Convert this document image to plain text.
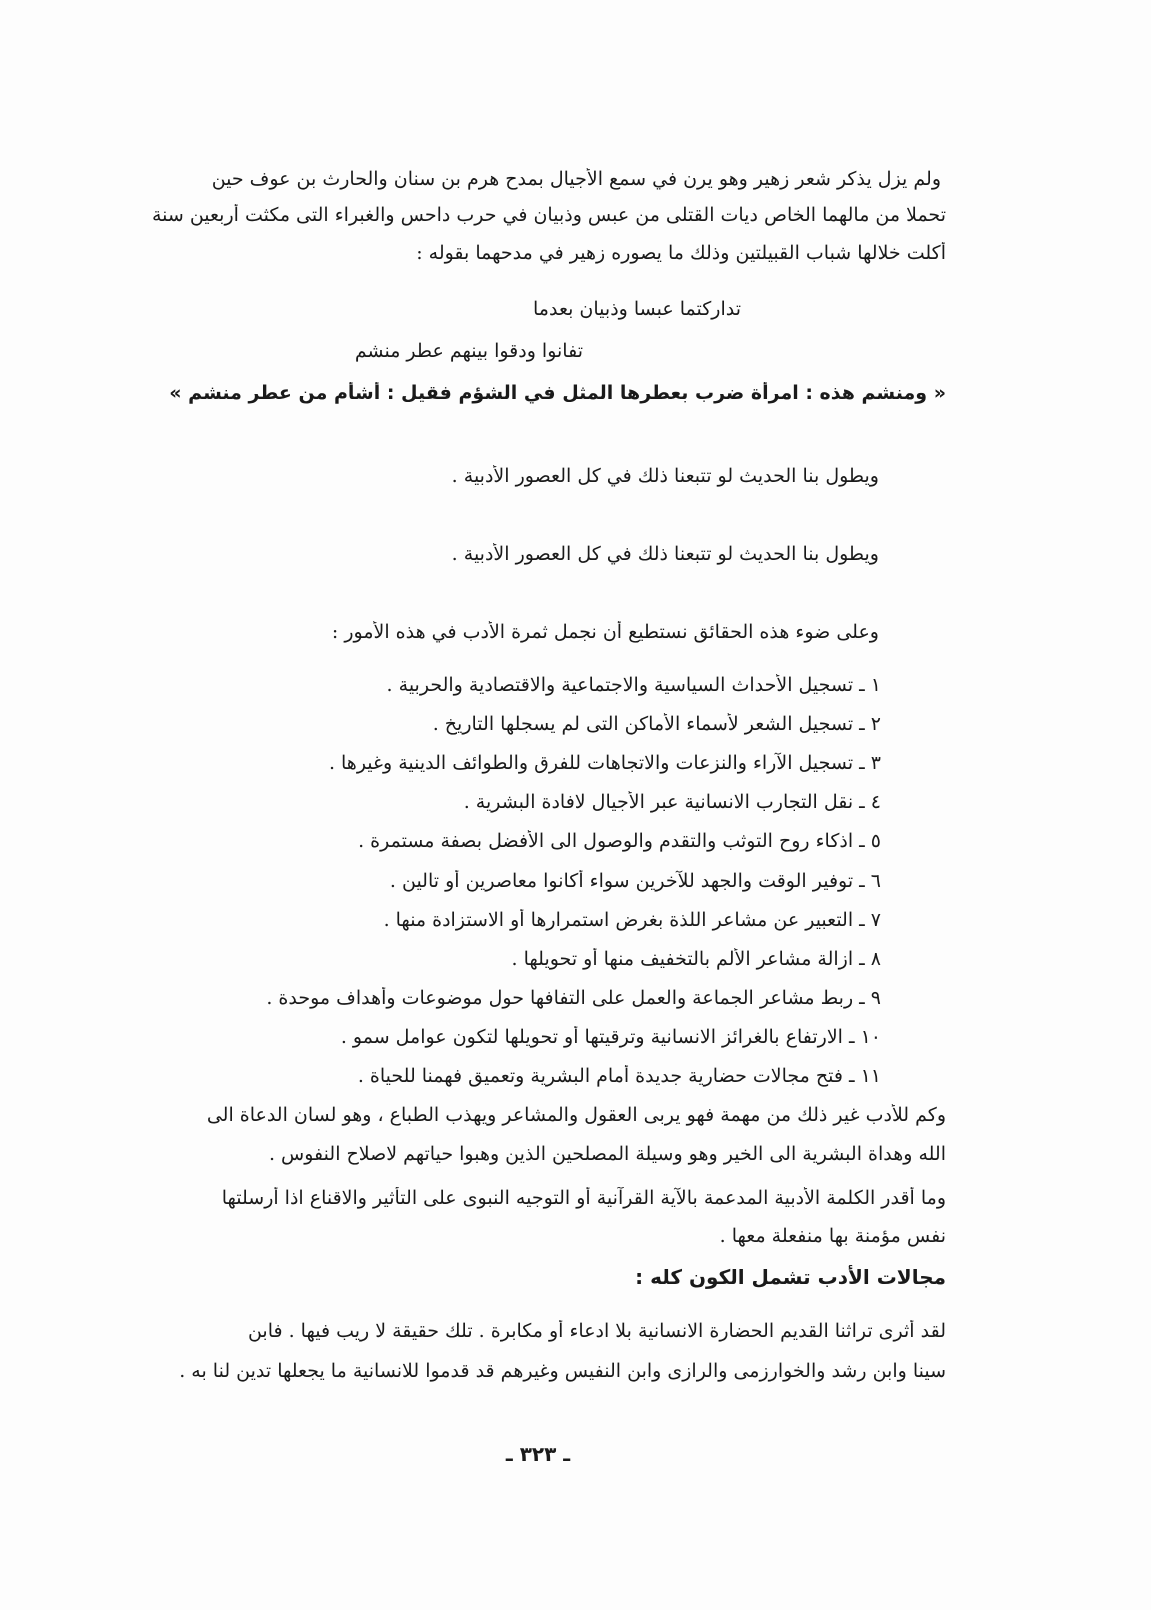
ولم يزل يذكر شعر زهير وهو يرن في سمع الأجيال بمدح هرم بن سنان والحارث بن عوف حين
تحملا من مالهما الخاص ديات القتلى من عبس وذبيان في حرب داحس والغبراء التى مكثت أربعين سنة
أكلت خلالها شباب القبيلتين وذلك ما يصوره زهير في مدحهما بقوله :
تداركتما عبسا وذبيان بعدما
تفانوا ودقوا بينهم عطر منشم
« ومنشم هذه : امرأة ضرب بعطرها المثل في الشؤم فقيل : أشأم من عطر منشم »
ويطول بنا الحديث لو تتبعنا ذلك في كل العصور الأدبية .
ويطول بنا الحديث لو تتبعنا ذلك في كل العصور الأدبية .
وعلى ضوء هذه الحقائق نستطيع أن نجمل ثمرة الأدب في هذه الأمور :
١ ـ تسجيل الأحداث السياسية والاجتماعية والاقتصادية والحربية .
٢ ـ تسجيل الشعر لأسماء الأماكن التى لم يسجلها التاريخ .
٣ ـ تسجيل الآراء والنزعات والاتجاهات للفرق والطوائف الدينية وغيرها .
٤ ـ نقل التجارب الانسانية عبر الأجيال لافادة البشرية .
٥ ـ اذكاء روح التوثب والتقدم والوصول الى الأفضل بصفة مستمرة .
٦ ـ توفير الوقت والجهد للآخرين سواء أكانوا معاصرين أو تالين .
٧ ـ التعبير عن مشاعر اللذة بغرض استمرارها أو الاستزادة منها .
٨ ـ ازالة مشاعر الألم بالتخفيف منها أو تحويلها .
٩ ـ ربط مشاعر الجماعة والعمل على التفافها حول موضوعات وأهداف موحدة .
١٠ ـ الارتفاع بالغرائز الانسانية وترقيتها أو تحويلها لتكون عوامل سمو .
١١ ـ فتح مجالات حضارية جديدة أمام البشرية وتعميق فهمنا للحياة .
وكم للأدب غير ذلك من مهمة فهو يربى العقول والمشاعر ويهذب الطباع ، وهو لسان الدعاة الى
الله وهداة البشرية الى الخير وهو وسيلة المصلحين الذين وهبوا حياتهم لاصلاح النفوس .
وما أقدر الكلمة الأدبية المدعمة بالآية القرآنية أو التوجيه النبوى على التأثير والاقناع اذا أرسلتها
نفس مؤمنة بها منفعلة معها .
مجالات الأدب تشمل الكون كله :
لقد أثرى تراثنا القديم الحضارة الانسانية بلا ادعاء أو مكابرة . تلك حقيقة لا ريب فيها . فابن
سينا وابن رشد والخوارزمى والرازى وابن النفيس وغيرهم قد قدموا للانسانية ما يجعلها تدين لنا به .
ـ ٣٢٣ ـ
